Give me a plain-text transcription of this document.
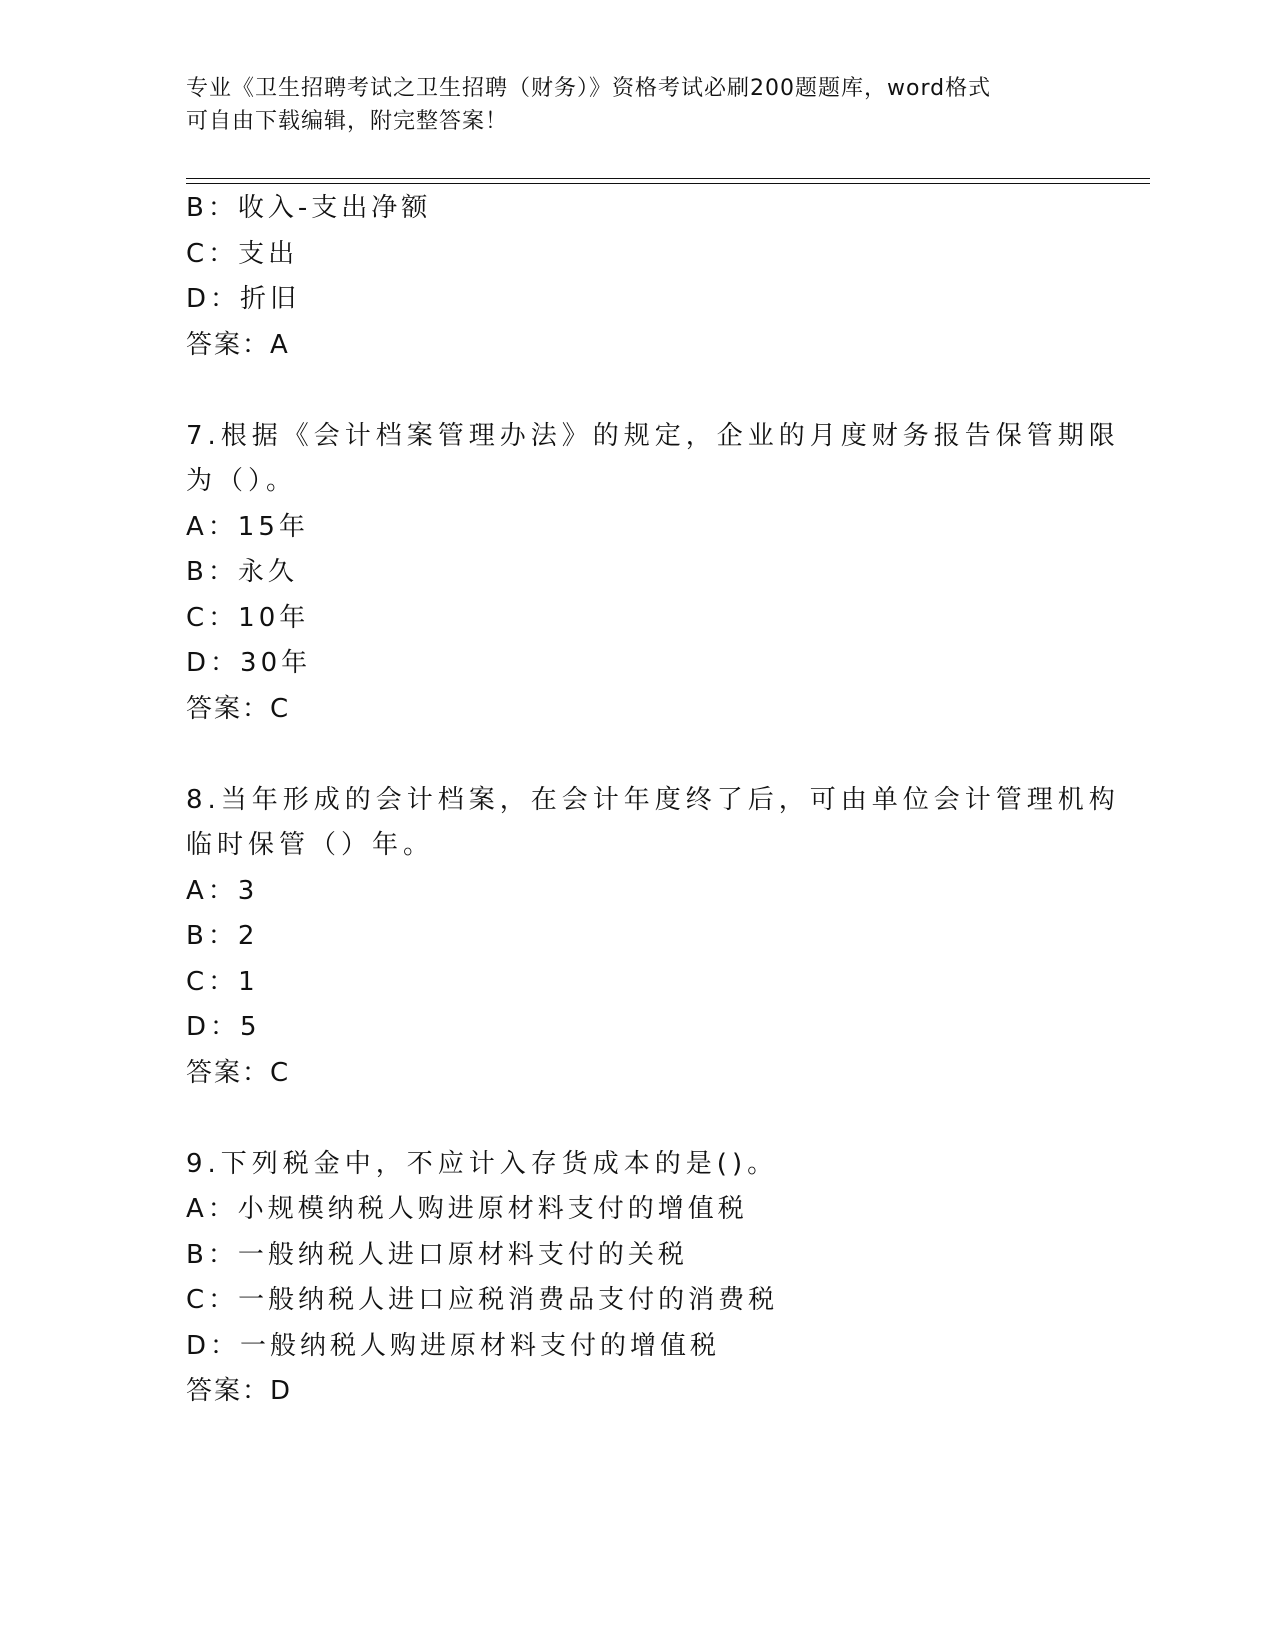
专业《卫生招聘考试之卫生招聘（财务）》资格考试必刷200题题库，word格式
可自由下载编辑，附完整答案！
B：收入-支出净额
C：支出
D：折旧
答案：A
7.根据《会计档案管理办法》的规定，企业的月度财务报告保管期限
为（）。
A：15年
B：永久
C：10年
D：30年
答案：C
8.当年形成的会计档案，在会计年度终了后，可由单位会计管理机构
临时保管（）年。
A：3
B：2
C：1
D：5
答案：C
9.下列税金中，不应计入存货成本的是()。
A：小规模纳税人购进原材料支付的增值税
B：一般纳税人进口原材料支付的关税
C：一般纳税人进口应税消费品支付的消费税
D：一般纳税人购进原材料支付的增值税
答案：D
